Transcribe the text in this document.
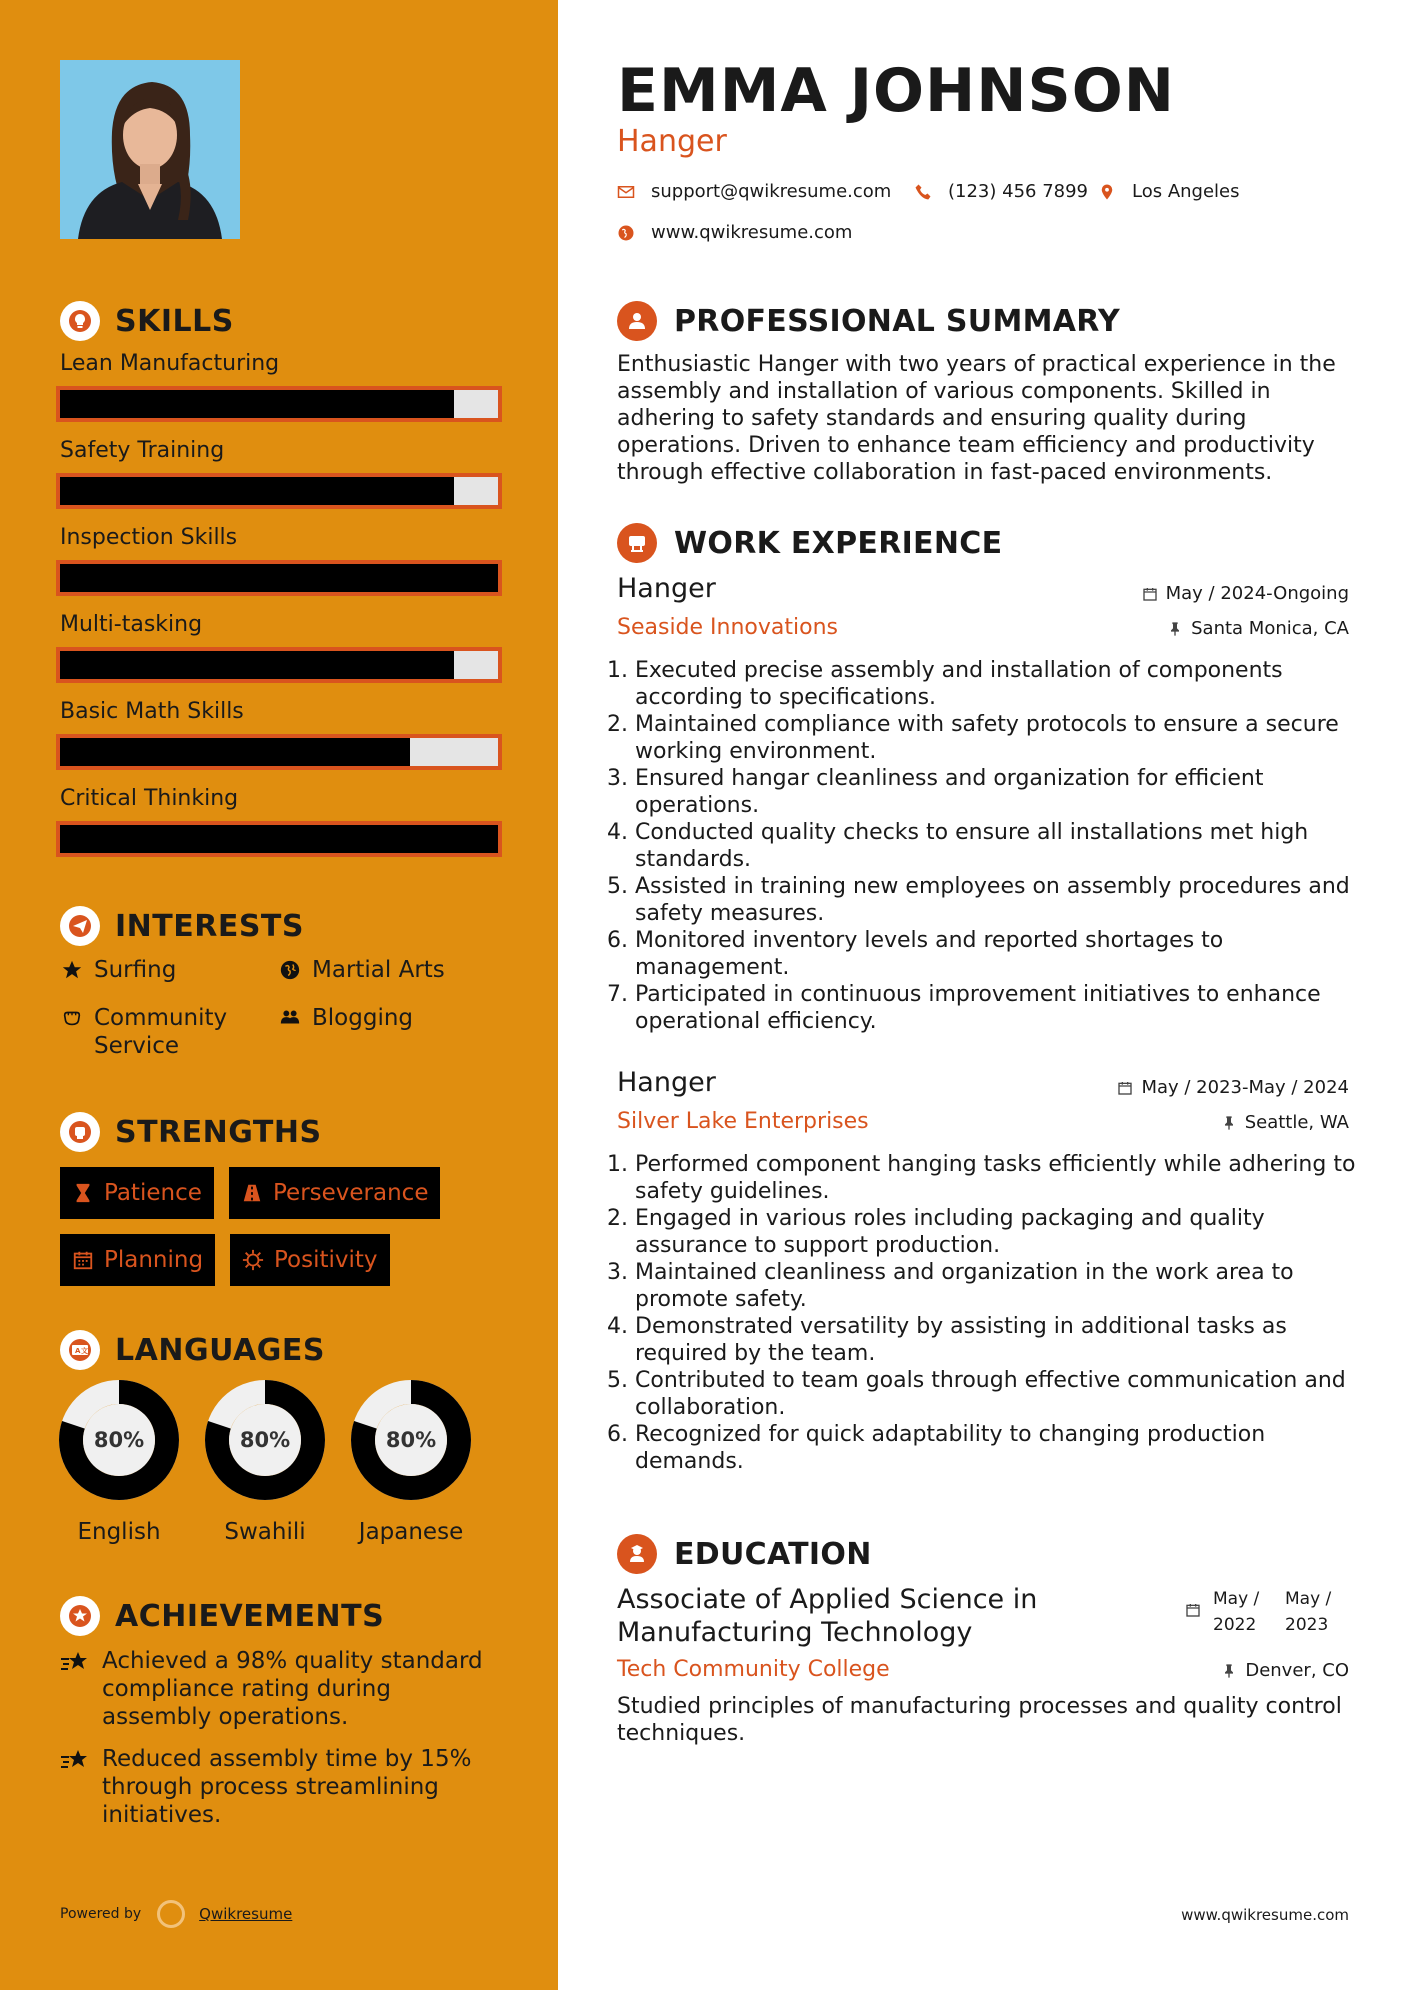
SKILLS
Lean Manufacturing
Safety Training
Inspection Skills
Multi-tasking
Basic Math Skills
Critical Thinking
INTERESTS
Surfing	Martial Arts
Community Service
Blogging
STRENGTHS
Patience	Perseverance
Planning	Positivity
A 文 LANGUAGES
80%
English
80%
Swahili
80%
Japanese
ACHIEVEMENTS
Achieved a 98% quality standard compliance rating during assembly operations.
Reduced assembly time by 15% through process streamlining initiatives.
Powered by	Qwikresume
EMMA JOHNSON
Hanger
support@qwikresume.com	(123) 456 7899 Los Angeles
www.qwikresume.com
PROFESSIONAL SUMMARY
Enthusiastic Hanger with two years of practical experience in the assembly and installation of various components. Skilled in adhering to safety standards and ensuring quality during operations. Driven to enhance team efficiency and productivity through effective collaboration in fast-paced environments.
WORK EXPERIENCE
Hanger	May / 2024-Ongoing
Seaside Innovations	Santa Monica, CA
1. Executed precise assembly and installation of components according to specifications.
2. Maintained compliance with safety protocols to ensure a secure working environment.
3. Ensured hangar cleanliness and organization for efficient operations.
4. Conducted quality checks to ensure all installations met high standards.
5. Assisted in training new employees on assembly procedures and safety measures.
6. Monitored inventory levels and reported shortages to management.
7. Participated in continuous improvement initiatives to enhance operational efficiency.
Hanger	May / 2023-May / 2024
Silver Lake Enterprises	Seattle, WA
1. Performed component hanging tasks efficiently while adhering to safety guidelines.
2. Engaged in various roles including packaging and quality assurance to support production.
3. Maintained cleanliness and organization in the work area to promote safety.
4. Demonstrated versatility by assisting in additional tasks as required by the team.
5. Contributed to team goals through effective communication and collaboration.
6. Recognized for quick adaptability to changing production demands.
EDUCATION
Associate of Applied Science in Manufacturing Technology
May / 2022
May / 2023
Tech Community College	Denver, CO
Studied principles of manufacturing processes and quality control techniques.
www.qwikresume.com
